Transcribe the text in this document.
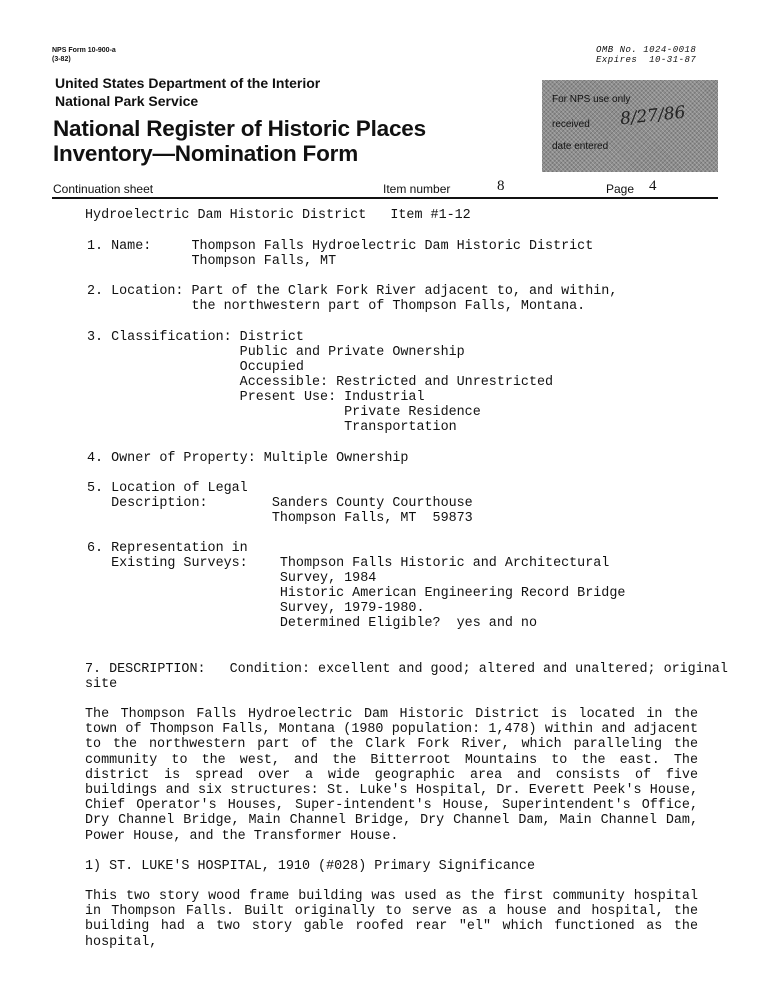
NPS Form 10-900-a
(3-82)
OMB No. 1024-0018
Expires  10-31-87
United States Department of the Interior
National Park Service
National Register of Historic Places
Inventory—Nomination Form
For NPS use only
received 8/27/86
date entered
Continuation sheet	Item number	8	Page 4
Hydroelectric Dam Historic District   Item #1-12
1. Name:     Thompson Falls Hydroelectric Dam Historic District
Thompson Falls, MT
2. Location: Part of the Clark Fork River adjacent to, and within,
the northwestern part of Thompson Falls, Montana.
3. Classification: District
Public and Private Ownership
Occupied
Accessible: Restricted and Unrestricted
Present Use: Industrial
Private Residence
Transportation
4. Owner of Property: Multiple Ownership
5. Location of Legal
Description:        Sanders County Courthouse
Thompson Falls, MT  59873
6. Representation in
Existing Surveys:    Thompson Falls Historic and Architectural
Survey, 1984
Historic American Engineering Record Bridge
Survey, 1979-1980.
Determined Eligible?  yes and no
7. DESCRIPTION:   Condition: excellent and good; altered and unaltered; original
site
The Thompson Falls Hydroelectric Dam Historic District is located in the town of Thompson Falls, Montana (1980 population: 1,478) within and adjacent to the northwestern part of the Clark Fork River, which paralleling the community to the west, and the Bitterroot Mountains to the east. The district is spread over a wide geographic area and consists of five buildings and six structures: St. Luke's Hospital, Dr. Everett Peek's House, Chief Operator's Houses, Super-intendent's House, Superintendent's Office, Dry Channel Bridge, Main Channel Bridge, Dry Channel Dam, Main Channel Dam, Power House, and the Transformer House.
1) ST. LUKE'S HOSPITAL, 1910 (#028) Primary Significance
This two story wood frame building was used as the first community hospital in Thompson Falls. Built originally to serve as a house and hospital, the building had a two story gable roofed rear "el" which functioned as the hospital,
